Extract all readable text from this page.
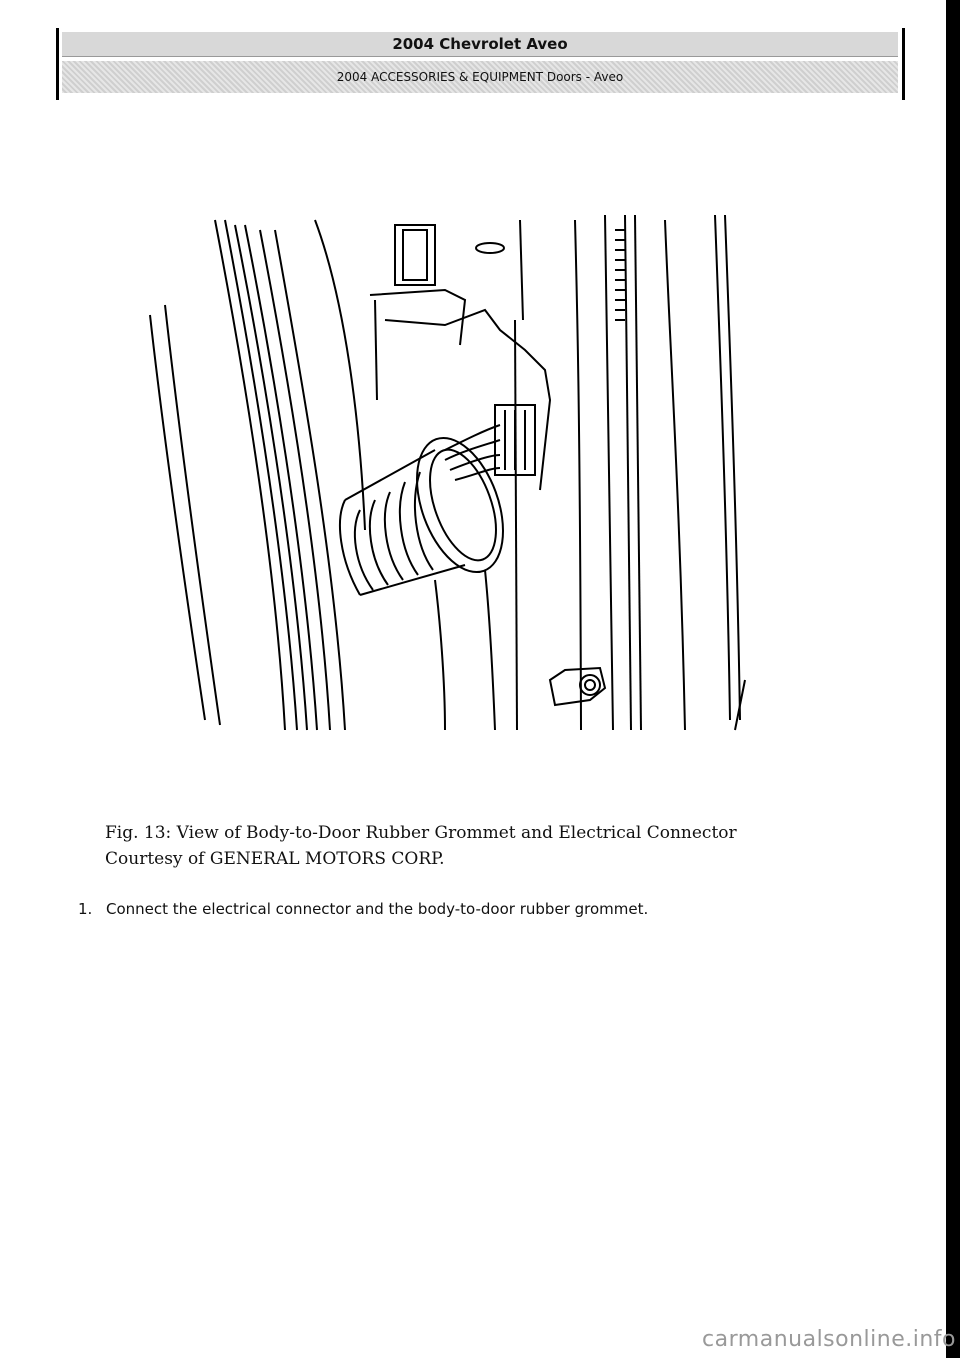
2004 Chevrolet Aveo
2004 ACCESSORIES & EQUIPMENT Doors - Aveo
Fig. 13: View of Body-to-Door Rubber Grommet and Electrical Connector
Courtesy of GENERAL MOTORS CORP.
1. Connect the electrical connector and the body-to-door rubber grommet.
carmanualsonline.info
